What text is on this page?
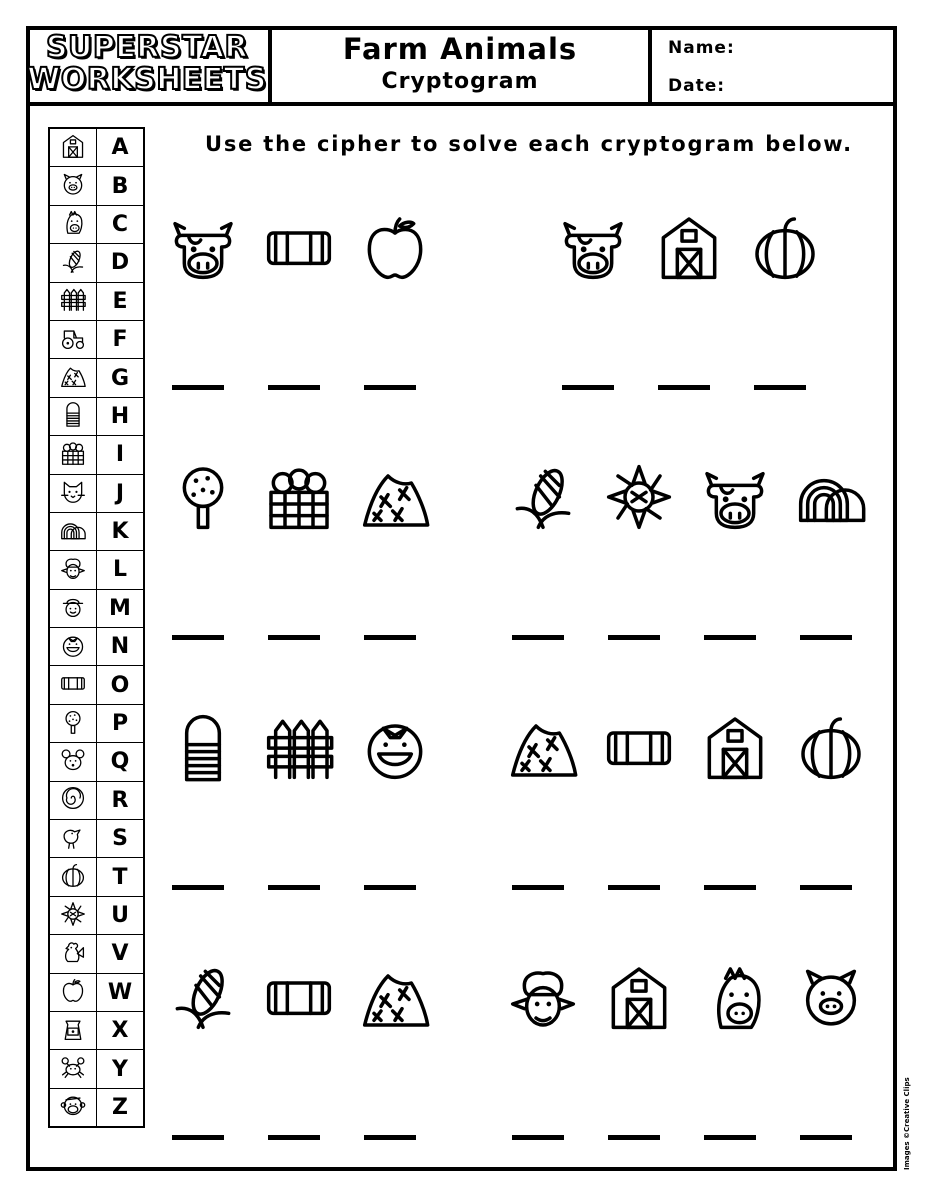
SUPERSTAR
WORKSHEETS
Farm Animals
Cryptogram
Name:
Date:
	A
	B
	C
	D
	E
	F
	G
	H
	I
	J
	K
	L
	M
	N
	O
	P
	Q
	R
	S
	T
	U
	V
	W
	X
	Y
	Z
Use the cipher to solve each cryptogram below.
Images ©Creative Clips
